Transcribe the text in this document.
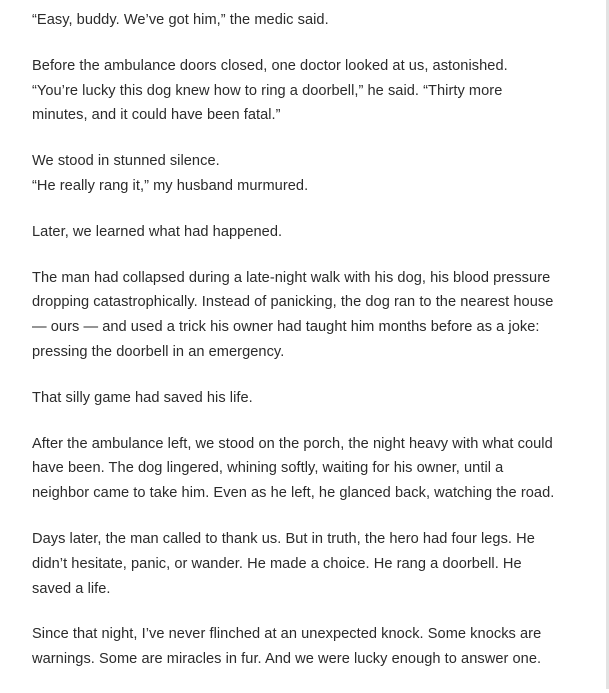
“Easy, buddy. We’ve got him,” the medic said.

Before the ambulance doors closed, one doctor looked at us, astonished.
“You’re lucky this dog knew how to ring a doorbell,” he said. “Thirty more
minutes, and it could have been fatal.”

We stood in stunned silence.
“He really rang it,” my husband murmured.

Later, we learned what had happened.

The man had collapsed during a late-night walk with his dog, his blood pressure
dropping catastrophically. Instead of panicking, the dog ran to the nearest house
— ours — and used a trick his owner had taught him months before as a joke:
pressing the doorbell in an emergency.

That silly game had saved his life.

After the ambulance left, we stood on the porch, the night heavy with what could
have been. The dog lingered, whining softly, waiting for his owner, until a
neighbor came to take him. Even as he left, he glanced back, watching the road.

Days later, the man called to thank us. But in truth, the hero had four legs. He
didn’t hesitate, panic, or wander. He made a choice. He rang a doorbell. He
saved a life.

Since that night, I’ve never flinched at an unexpected knock. Some knocks are
warnings. Some are miracles in fur. And we were lucky enough to answer one.
